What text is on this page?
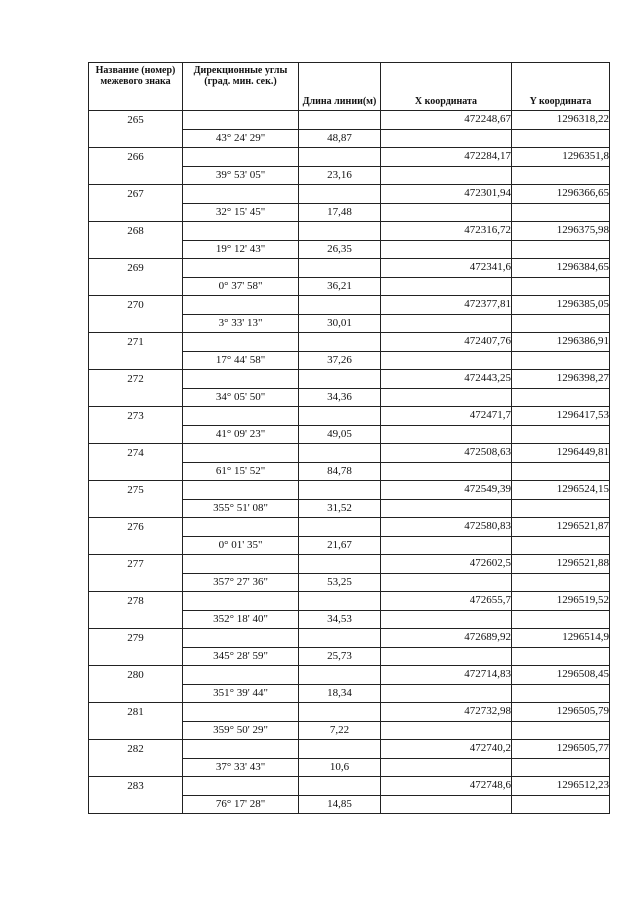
Название (номер) межевого знака	Дирекционные углы (град. мин. сек.)	Длина линии(м)	X координата	Y координата
265			472248,67	1296318,22
	43° 24' 29"	48,87		
266			472284,17	1296351,8
	39° 53' 05"	23,16		
267			472301,94	1296366,65
	32° 15' 45"	17,48		
268			472316,72	1296375,98
	19° 12' 43"	26,35		
269			472341,6	1296384,65
	0° 37' 58"	36,21		
270			472377,81	1296385,05
	3° 33' 13"	30,01		
271			472407,76	1296386,91
	17° 44' 58"	37,26		
272			472443,25	1296398,27
	34° 05' 50"	34,36		
273			472471,7	1296417,53
	41° 09' 23"	49,05		
274			472508,63	1296449,81
	61° 15' 52"	84,78		
275			472549,39	1296524,15
	355° 51' 08"	31,52		
276			472580,83	1296521,87
	0° 01' 35"	21,67		
277			472602,5	1296521,88
	357° 27' 36"	53,25		
278			472655,7	1296519,52
	352° 18' 40"	34,53		
279			472689,92	1296514,9
	345° 28' 59"	25,73		
280			472714,83	1296508,45
	351° 39' 44"	18,34		
281			472732,98	1296505,79
	359° 50' 29"	7,22		
282			472740,2	1296505,77
	37° 33' 43"	10,6		
283			472748,6	1296512,23
	76° 17' 28"	14,85		
